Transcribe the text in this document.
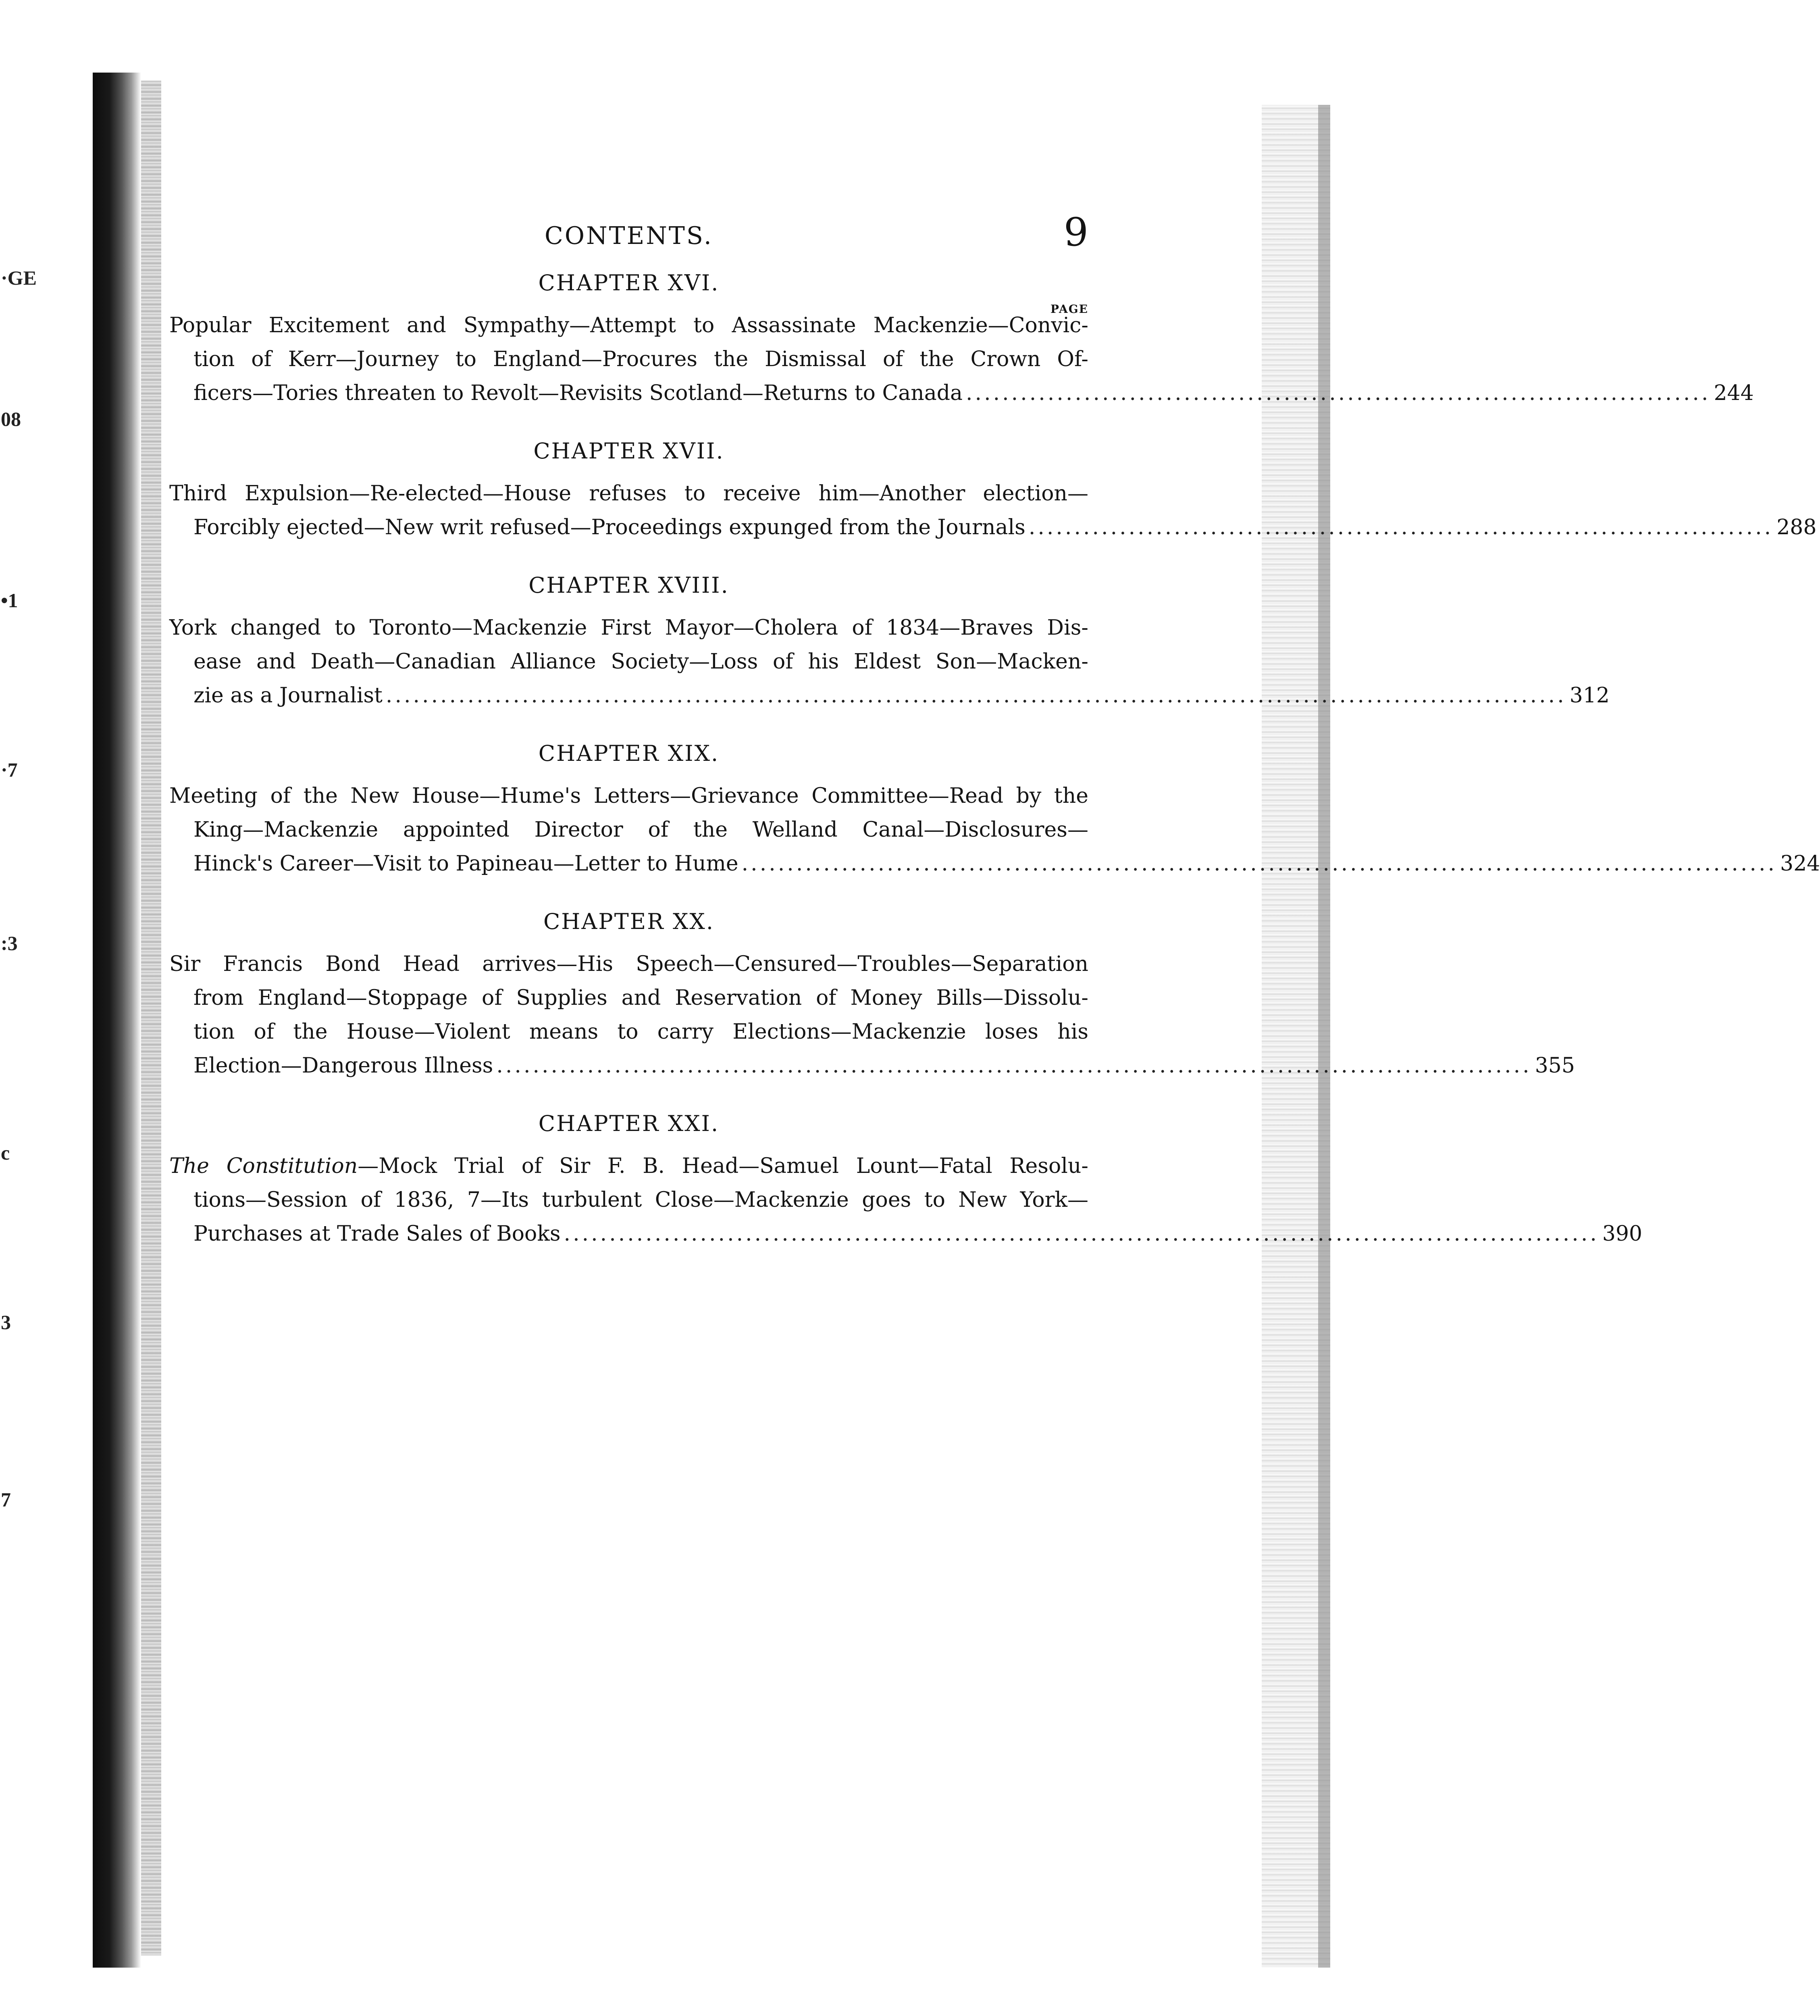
·GE
08
•1
·7
:3
c
3
7
CONTENTS.	9
CHAPTER XVI.
PAGE
Popular Excitement and Sympathy—Attempt to Assassinate Mackenzie—Convic-
tion of Kerr—Journey to England—Procures the Dismissal of the Crown Of-
ficers—Tories threaten to Revolt—Revisits Scotland—Returns to Canada .................................................................................. 244
CHAPTER XVII.
Third Expulsion—Re-elected—House refuses to receive him—Another election—
Forcibly ejected—New writ refused—Proceedings expunged from the Journals .................................................................................. 288
CHAPTER XVIII.
York changed to Toronto—Mackenzie First Mayor—Cholera of 1834—Braves Dis-
ease and Death—Canadian Alliance Society—Loss of his Eldest Son—Macken-
zie as a Journalist .................................................................................................................................. 312
CHAPTER XIX.
Meeting of the New House—Hume's Letters—Grievance Committee—Read by the
King—Mackenzie appointed Director of the Welland Canal—Disclosures—
Hinck's Career—Visit to Papineau—Letter to Hume .................................................................................................................. 324
CHAPTER XX.
Sir Francis Bond Head arrives—His Speech—Censured—Troubles—Separation
from England—Stoppage of Supplies and Reservation of Money Bills—Dissolu-
tion of the House—Violent means to carry Elections—Mackenzie loses his
Election—Dangerous Illness .................................................................................................................. 355
CHAPTER XXI.
The Constitution—Mock Trial of Sir F. B. Head—Samuel Lount—Fatal Resolu-
tions—Session of 1836, 7—Its turbulent Close—Mackenzie goes to New York—
Purchases at Trade Sales of Books .................................................................................................................. 390
